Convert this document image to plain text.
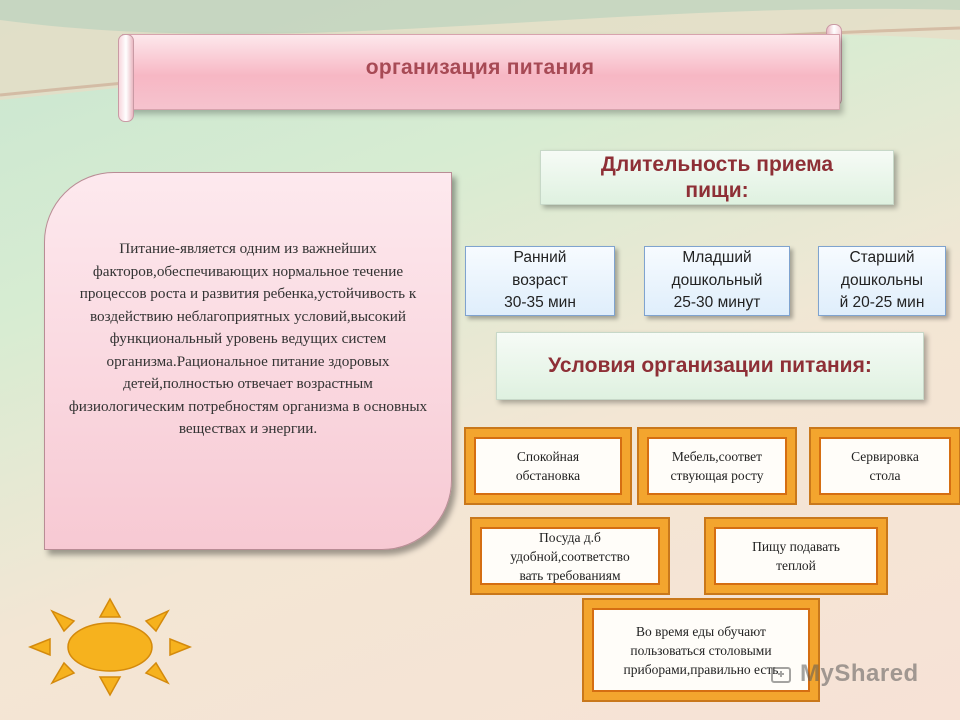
организация питания
Питание-является одним из важнейших факторов,обеспечивающих нормальное течение процессов роста и развития ребенка,устойчивость к воздействию неблагоприятных условий,высокий функциональный уровень ведущих систем организма.Рациональное питание здоровых детей,полностью отвечает возрастным физиологическим потребностям организма в основных веществах и энергии.
Длительность приема
пищи:
Ранний
возраст
30-35 мин
Младший
дошкольный
25-30 минут
Старший
дошкольны
й 20-25 мин
Условия организации питания:
Спокойная
обстановка
Мебель,соответ
ствующая росту
Сервировка
стола
Посуда д.б
удобной,соответство
вать требованиям
Пищу подавать
теплой
Во время еды обучают
пользоваться столовыми
приборами,правильно есть MyShared
